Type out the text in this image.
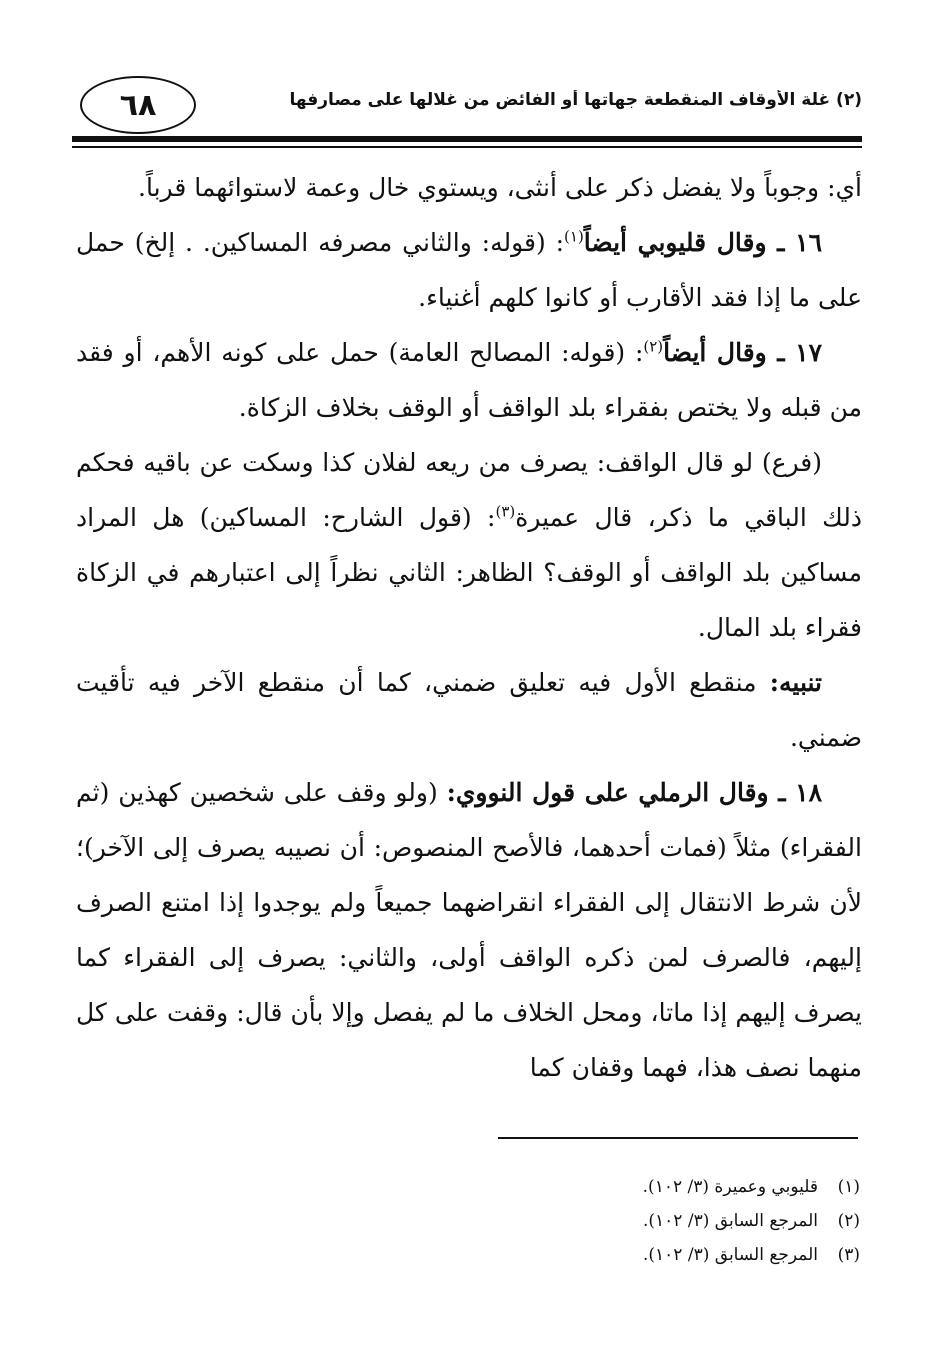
٦٨	(٢) غلة الأوقاف المنقطعة جهاتها أو الفائض من غلالها على مصارفها

أي: وجوباً ولا يفضل ذكر على أنثى، ويستوي خال وعمة لاستوائهما قرباً.

١٦ ـ وقال قليوبي أيضاً$^{(١)}$: (قوله: والثاني مصرفه المساكين. . إلخ) حمل على ما إذا فقد الأقارب أو كانوا كلهم أغنياء.

١٧ ـ وقال أيضاً$^{(٢)}$: (قوله: المصالح العامة) حمل على كونه الأهم، أو فقد من قبله ولا يختص بفقراء بلد الواقف أو الوقف بخلاف الزكاة.

(فرع) لو قال الواقف: يصرف من ريعه لفلان كذا وسكت عن باقيه فحكم ذلك الباقي ما ذكر، قال عميرة$^{(٣)}$: (قول الشارح: المساكين) هل المراد مساكين بلد الواقف أو الوقف؟ الظاهر: الثاني نظراً إلى اعتبارهم في الزكاة فقراء بلد المال.

تنبيه: منقطع الأول فيه تعليق ضمني، كما أن منقطع الآخر فيه تأقيت ضمني.

١٨ ـ وقال الرملي على قول النووي: (ولو وقف على شخصين كهذين (ثم الفقراء) مثلاً (فمات أحدهما، فالأصح المنصوص: أن نصيبه يصرف إلى الآخر)؛ لأن شرط الانتقال إلى الفقراء انقراضهما جميعاً ولم يوجدوا إذا امتنع الصرف إليهم، فالصرف لمن ذكره الواقف أولى، والثاني: يصرف إلى الفقراء كما يصرف إليهم إذا ماتا، ومحل الخلاف ما لم يفصل وإلا بأن قال: وقفت على كل منهما نصف هذا، فهما وقفان كما

(١)قليوبي وعميرة (٣/ ١٠٢).

(٢)المرجع السابق (٣/ ١٠٢).

(٣)المرجع السابق (٣/ ١٠٢).
